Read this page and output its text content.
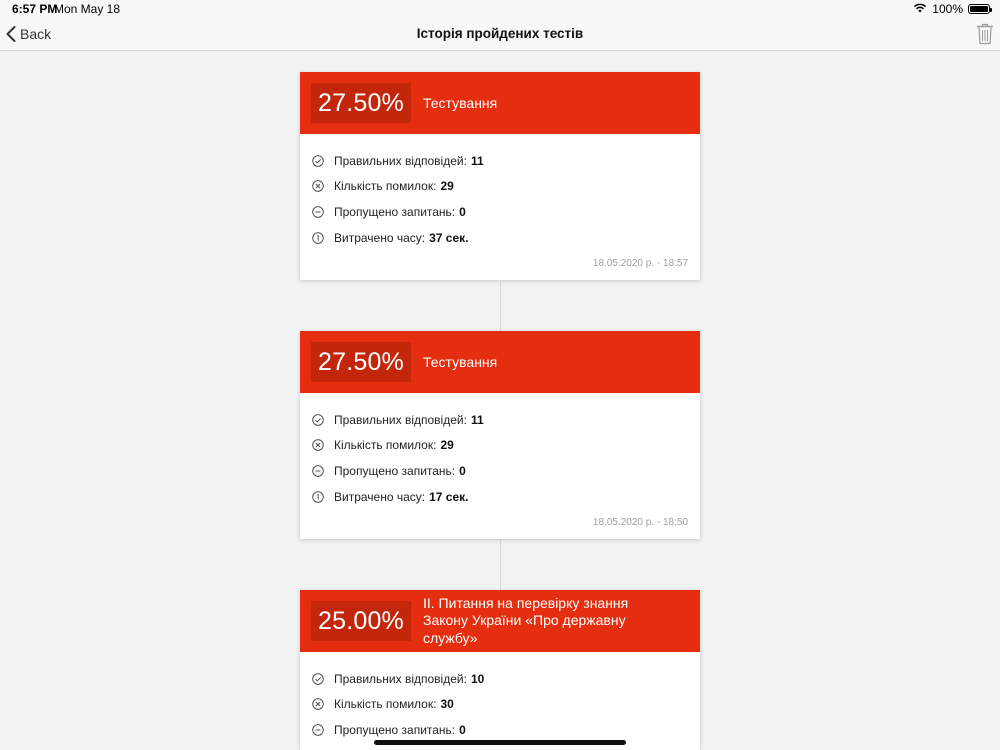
6:57 PM
Mon May 18	100%
Back	Історія пройдених тестів
27.50%	Тестування
Правильних відповідей: 11
Кількість помилок: 29
Пропущено запитань: 0
Витрачено часу: 37 сек.
18.05.2020 р. - 18:57
27.50%	Тестування
Правильних відповідей: 11
Кількість помилок: 29
Пропущено запитань: 0
Витрачено часу: 17 сек.
18.05.2020 р. - 18:50
25.00%
II. Питання на перевірку знання Закону України «Про державну службу»
Правильних відповідей: 10
Кількість помилок: 30
Пропущено запитань: 0
